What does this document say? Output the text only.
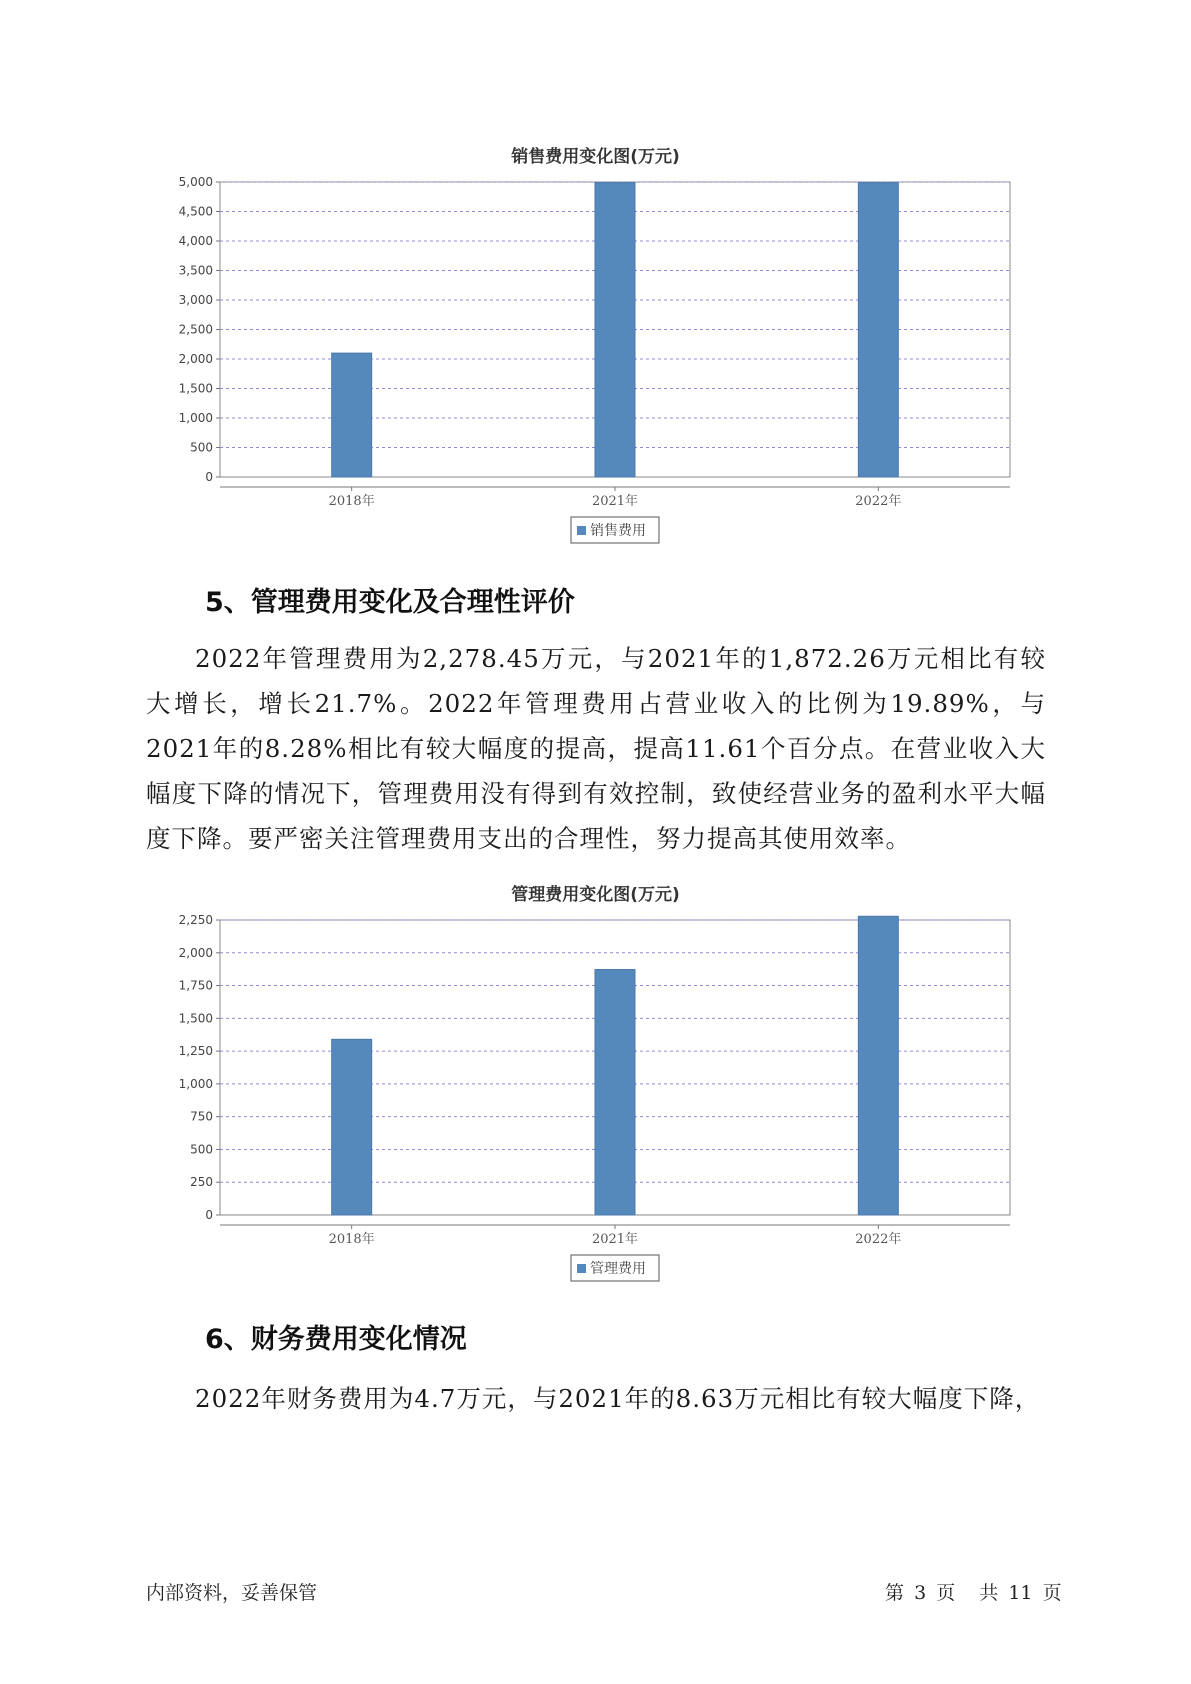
销售费用变化图(万元)
0
500
1,000
1,500
2,000
2,500
3,000
3,500
4,000
4,500
5,000
2018年	2021年	2022年
销售费用
5、管理费用变化及合理性评价

2022年管理费用为2,278.45万元，与2021年的1,872.26万元相比有较大增长，增长21.7%。2022年管理费用占营业收入的比例为19.89%，与2021年的8.28%相比有较大幅度的提高，提高11.61个百分点。在营业收入大幅度下降的情况下，管理费用没有得到有效控制，致使经营业务的盈利水平大幅度下降。要严密关注管理费用支出的合理性，努力提高其使用效率。

管理费用变化图(万元)
0
250
500
750
1,000
1,250
1,500
1,750
2,000
2,250
2018年	2021年	2022年
管理费用
6、财务费用变化情况

2022年财务费用为4.7万元，与2021年的8.63万元相比有较大幅度下降，

内部资料，妥善保管	第 3 页 共 11 页
